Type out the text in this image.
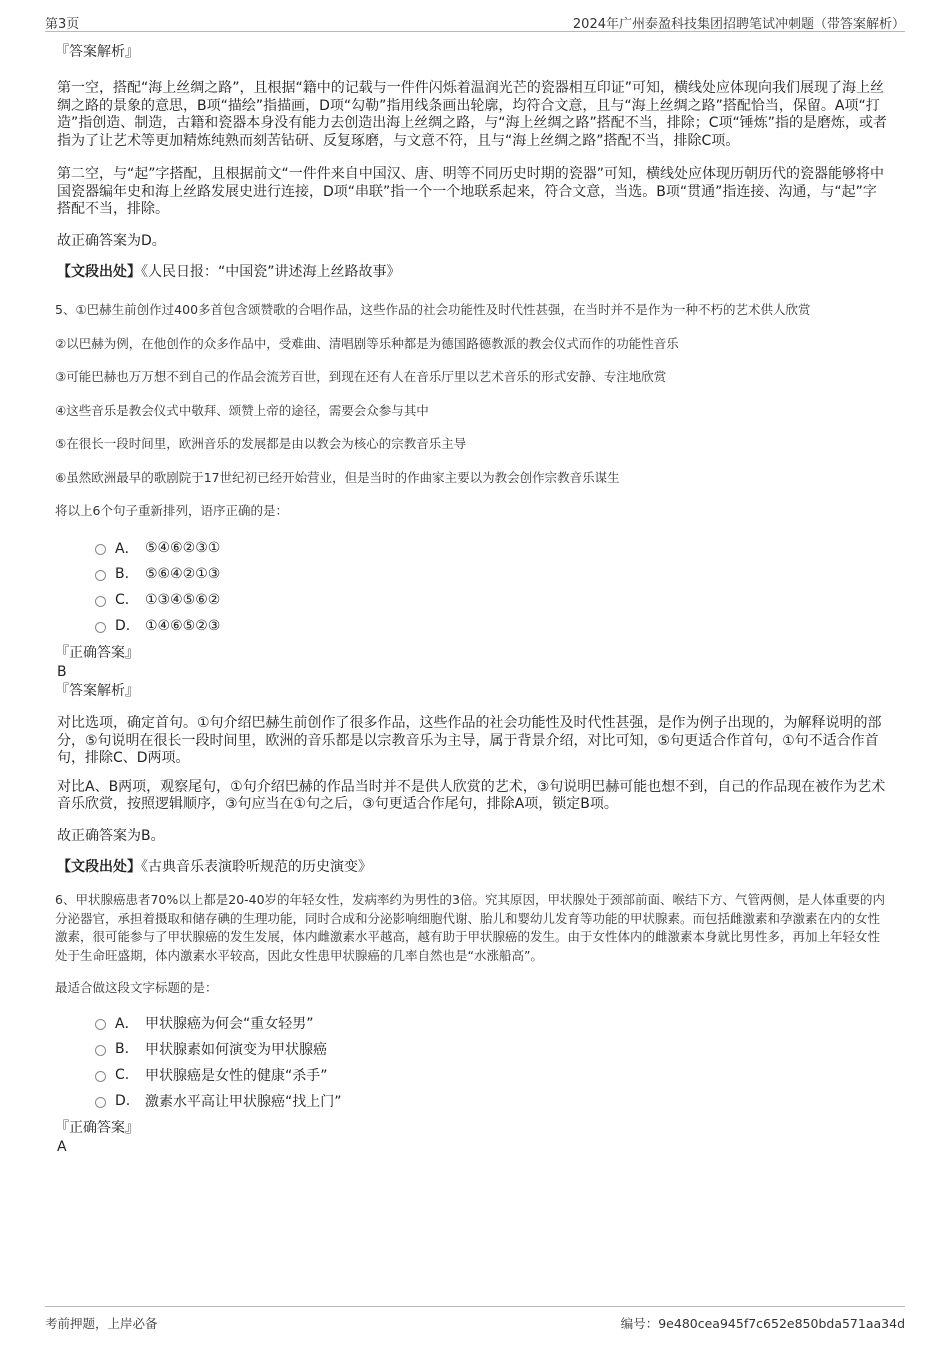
第3页	2024年广州泰盈科技集团招聘笔试冲刺题（带答案解析）

『答案解析』

第一空，搭配“海上丝绸之路”，且根据“籍中的记载与一件件闪烁着温润光芒的瓷器相互印证”可知，横线处应体现向我们展现了海上丝绸之路的景象的意思，B项“描绘”指描画，D项“勾勒”指用线条画出轮廓，均符合文意，且与“海上丝绸之路”搭配恰当，保留。A项“打造”指创造、制造，古籍和瓷器本身没有能力去创造出海上丝绸之路，与“海上丝绸之路”搭配不当，排除；C项“锤炼”指的是磨炼，或者指为了让艺术等更加精炼纯熟而刻苦钻研、反复琢磨，与文意不符，且与“海上丝绸之路”搭配不当，排除C项。

第二空，与“起”字搭配，且根据前文“一件件来自中国汉、唐、明等不同历史时期的瓷器”可知，横线处应体现历朝历代的瓷器能够将中国瓷器编年史和海上丝路发展史进行连接，D项“串联”指一个一个地联系起来，符合文意，当选。B项“贯通”指连接、沟通，与“起”字搭配不当，排除。

故正确答案为D。

【文段出处】《人民日报：“中国瓷”讲述海上丝路故事》

5、①巴赫生前创作过400多首包含颂赞歌的合唱作品，这些作品的社会功能性及时代性甚强，在当时并不是作为一种不朽的艺术供人欣赏

②以巴赫为例，在他创作的众多作品中，受难曲、清唱剧等乐种都是为德国路德教派的教会仪式而作的功能性音乐

③可能巴赫也万万想不到自己的作品会流芳百世，到现在还有人在音乐厅里以艺术音乐的形式安静、专注地欣赏

④这些音乐是教会仪式中敬拜、颂赞上帝的途径，需要会众参与其中

⑤在很长一段时间里，欧洲音乐的发展都是由以教会为核心的宗教音乐主导

⑥虽然欧洲最早的歌剧院于17世纪初已经开始营业，但是当时的作曲家主要以为教会创作宗教音乐谋生

将以上6个句子重新排列，语序正确的是：

A． ⑤④⑥②③①
B.	⑤⑥④②①③
C.	①③④⑤⑥②
D.	①④⑥⑤②③

『正确答案』

B

『答案解析』

对比选项，确定首句。①句介绍巴赫生前创作了很多作品，这些作品的社会功能性及时代性甚强，是作为例子出现的，为解释说明的部分，⑤句说明在很长一段时间里，欧洲的音乐都是以宗教音乐为主导，属于背景介绍，对比可知，⑤句更适合作首句，①句不适合作首句，排除C、D两项。

对比A、B两项，观察尾句，①句介绍巴赫的作品当时并不是供人欣赏的艺术，③句说明巴赫可能也想不到，自己的作品现在被作为艺术音乐欣赏，按照逻辑顺序，③句应当在①句之后，③句更适合作尾句，排除A项，锁定B项。

故正确答案为B。

【文段出处】《古典音乐表演聆听规范的历史演变》

6、甲状腺癌患者70%以上都是20-40岁的年轻女性，发病率约为男性的3倍。究其原因，甲状腺处于颈部前面、喉结下方、气管两侧，是人体重要的内分泌器官，承担着摄取和储存碘的生理功能，同时合成和分泌影响细胞代谢、胎儿和婴幼儿发育等功能的甲状腺素。而包括雌激素和孕激素在内的女性激素，很可能参与了甲状腺癌的发生发展，体内雌激素水平越高，越有助于甲状腺癌的发生。由于女性体内的雌激素本身就比男性多，再加上年轻女性处于生命旺盛期，体内激素水平较高，因此女性患甲状腺癌的几率自然也是“水涨船高”。

最适合做这段文字标题的是：

A． 甲状腺癌为何会“重女轻男”
B.	甲状腺素如何演变为甲状腺癌
C.	甲状腺癌是女性的健康“杀手”
D.	激素水平高让甲状腺癌“找上门”

『正确答案』

A

考前押题，上岸必备	编号：9e480cea945f7c652e850bda571aa34d
